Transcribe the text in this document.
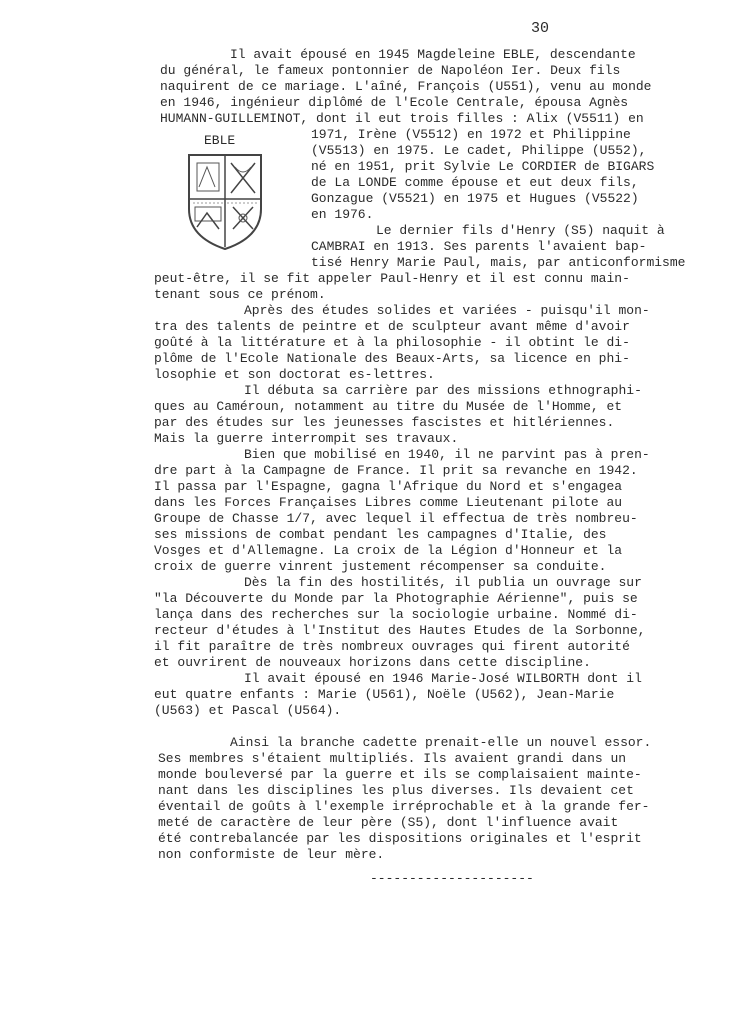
30
Il avait épousé en 1945 Magdeleine EBLE, descendante
du général, le fameux pontonnier de Napoléon Ier. Deux fils
naquirent de ce mariage. L'aîné, François (U551), venu au monde
en 1946, ingénieur diplômé de l'Ecole Centrale, épousa Agnès
HUMANN-GUILLEMINOT, dont il eut trois filles : Alix (V5511) en
1971, Irène (V5512) en 1972 et Philippine
(V5513) en 1975. Le cadet, Philippe (U552),
né en 1951, prit Sylvie Le CORDIER de BIGARS
de La LONDE comme épouse et eut deux fils,
Gonzague (V5521) en 1975 et Hugues (V5522)
en 1976.
EBLE
Le dernier fils d'Henry (S5) naquit à
CAMBRAI en 1913. Ses parents l'avaient bap-
tisé Henry Marie Paul, mais, par anticonformisme
peut-être, il se fit appeler Paul-Henry et il est connu main-
tenant sous ce prénom.
Après des études solides et variées - puisqu'il mon-
tra des talents de peintre et de sculpteur avant même d'avoir
goûté à la littérature et à la philosophie - il obtint le di-
plôme de l'Ecole Nationale des Beaux-Arts, sa licence en phi-
losophie et son doctorat es-lettres.
Il débuta sa carrière par des missions ethnographi-
ques au Caméroun, notamment au titre du Musée de l'Homme, et
par des études sur les jeunesses fascistes et hitlériennes.
Mais la guerre interrompit ses travaux.
Bien que mobilisé en 1940, il ne parvint pas à pren-
dre part à la Campagne de France. Il prit sa revanche en 1942.
Il passa par l'Espagne, gagna l'Afrique du Nord et s'engagea
dans les Forces Françaises Libres comme Lieutenant pilote au
Groupe de Chasse 1/7, avec lequel il effectua de très nombreu-
ses missions de combat pendant les campagnes d'Italie, des
Vosges et d'Allemagne. La croix de la Légion d'Honneur et la
croix de guerre vinrent justement récompenser sa conduite.
Dès la fin des hostilités, il publia un ouvrage sur
"la Découverte du Monde par la Photographie Aérienne", puis se
lança dans des recherches sur la sociologie urbaine. Nommé di-
recteur d'études à l'Institut des Hautes Etudes de la Sorbonne,
il fit paraître de très nombreux ouvrages qui firent autorité
et ouvrirent de nouveaux horizons dans cette discipline.
Il avait épousé en 1946 Marie-José WILBORTH dont il
eut quatre enfants : Marie (U561), Noële (U562), Jean-Marie
(U563) et Pascal (U564).
Ainsi la branche cadette prenait-elle un nouvel essor.
Ses membres s'étaient multipliés. Ils avaient grandi dans un
monde bouleversé par la guerre et ils se complaisaient mainte-
nant dans les disciplines les plus diverses. Ils devaient cet
éventail de goûts à l'exemple irréprochable et à la grande fer-
meté de caractère de leur père (S5), dont l'influence avait
été contrebalancée par les dispositions originales et l'esprit
non conformiste de leur mère.
---------------------
